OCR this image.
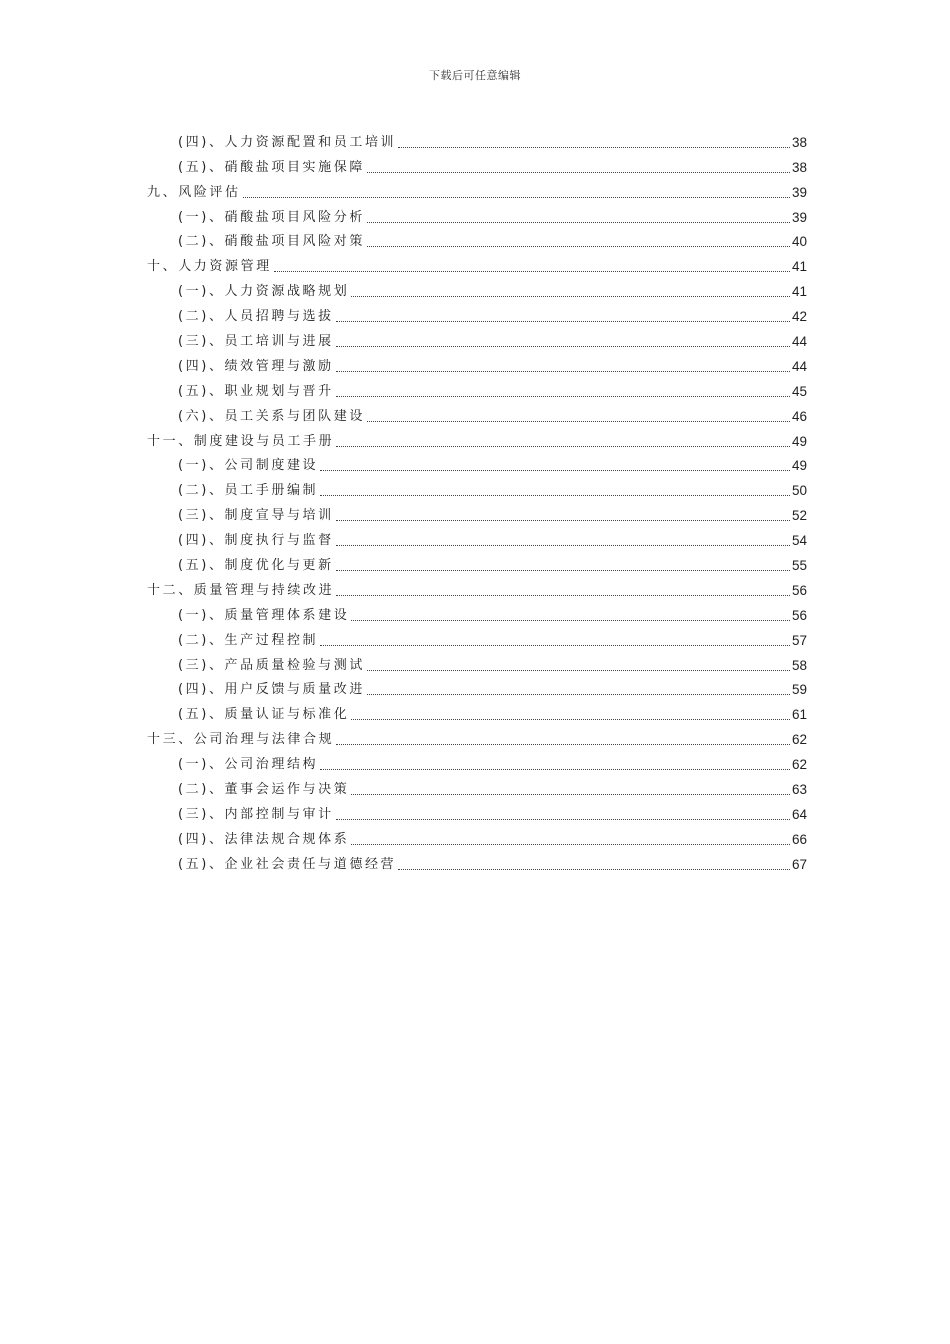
下载后可任意编辑
(四)、人力资源配置和员工培训	38
(五)、硝酸盐项目实施保障	38
九、风险评估	39
(一)、硝酸盐项目风险分析	39
(二)、硝酸盐项目风险对策	40
十、人力资源管理	41
(一)、人力资源战略规划	41
(二)、人员招聘与选拔	42
(三)、员工培训与进展	44
(四)、绩效管理与激励	44
(五)、职业规划与晋升	45
(六)、员工关系与团队建设	46
十一、制度建设与员工手册	49
(一)、公司制度建设	49
(二)、员工手册编制	50
(三)、制度宣导与培训	52
(四)、制度执行与监督	54
(五)、制度优化与更新	55
十二、质量管理与持续改进	56
(一)、质量管理体系建设	56
(二)、生产过程控制	57
(三)、产品质量检验与测试	58
(四)、用户反馈与质量改进	59
(五)、质量认证与标准化	61
十三、公司治理与法律合规	62
(一)、公司治理结构	62
(二)、董事会运作与决策	63
(三)、内部控制与审计	64
(四)、法律法规合规体系	66
(五)、企业社会责任与道德经营	67
